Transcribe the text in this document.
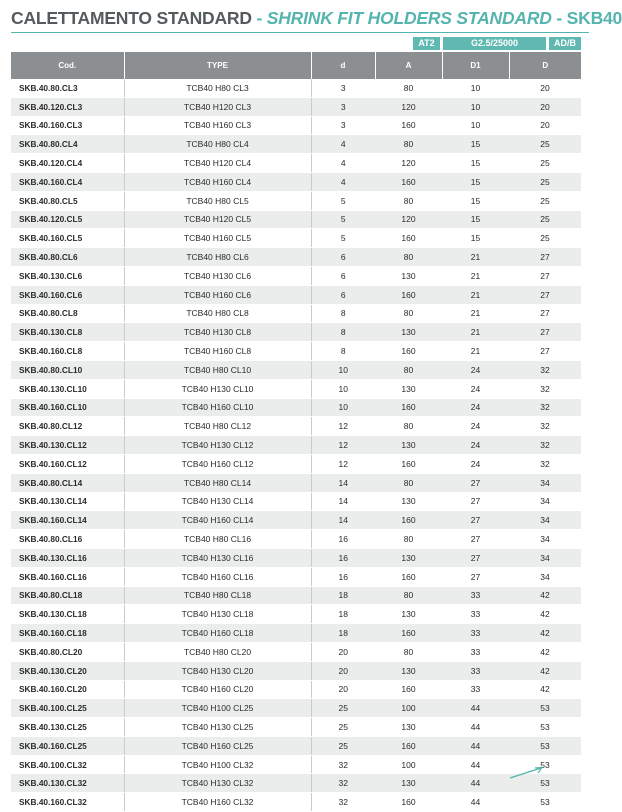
CALETTAMENTO STANDARD - SHRINK FIT HOLDERS STANDARD - SKB40
AT2	G2.5/25000	AD/B
Cod.	TYPE	d	A	D1	D
SKB.40.80.CL3	TCB40 H80 CL3	3	80	10	20
SKB.40.120.CL3	TCB40 H120 CL3	3	120	10	20
SKB.40.160.CL3	TCB40 H160 CL3	3	160	10	20
SKB.40.80.CL4	TCB40 H80 CL4	4	80	15	25
SKB.40.120.CL4	TCB40 H120 CL4	4	120	15	25
SKB.40.160.CL4	TCB40 H160 CL4	4	160	15	25
SKB.40.80.CL5	TCB40 H80 CL5	5	80	15	25
SKB.40.120.CL5	TCB40 H120 CL5	5	120	15	25
SKB.40.160.CL5	TCB40 H160 CL5	5	160	15	25
SKB.40.80.CL6	TCB40 H80 CL6	6	80	21	27
SKB.40.130.CL6	TCB40 H130 CL6	6	130	21	27
SKB.40.160.CL6	TCB40 H160 CL6	6	160	21	27
SKB.40.80.CL8	TCB40 H80 CL8	8	80	21	27
SKB.40.130.CL8	TCB40 H130 CL8	8	130	21	27
SKB.40.160.CL8	TCB40 H160 CL8	8	160	21	27
SKB.40.80.CL10	TCB40 H80 CL10	10	80	24	32
SKB.40.130.CL10	TCB40 H130 CL10	10	130	24	32
SKB.40.160.CL10	TCB40 H160 CL10	10	160	24	32
SKB.40.80.CL12	TCB40 H80 CL12	12	80	24	32
SKB.40.130.CL12	TCB40 H130 CL12	12	130	24	32
SKB.40.160.CL12	TCB40 H160 CL12	12	160	24	32
SKB.40.80.CL14	TCB40 H80 CL14	14	80	27	34
SKB.40.130.CL14	TCB40 H130 CL14	14	130	27	34
SKB.40.160.CL14	TCB40 H160 CL14	14	160	27	34
SKB.40.80.CL16	TCB40 H80 CL16	16	80	27	34
SKB.40.130.CL16	TCB40 H130 CL16	16	130	27	34
SKB.40.160.CL16	TCB40 H160 CL16	16	160	27	34
SKB.40.80.CL18	TCB40 H80 CL18	18	80	33	42
SKB.40.130.CL18	TCB40 H130 CL18	18	130	33	42
SKB.40.160.CL18	TCB40 H160 CL18	18	160	33	42
SKB.40.80.CL20	TCB40 H80 CL20	20	80	33	42
SKB.40.130.CL20	TCB40 H130 CL20	20	130	33	42
SKB.40.160.CL20	TCB40 H160 CL20	20	160	33	42
SKB.40.100.CL25	TCB40 H100 CL25	25	100	44	53
SKB.40.130.CL25	TCB40 H130 CL25	25	130	44	53
SKB.40.160.CL25	TCB40 H160 CL25	25	160	44	53
SKB.40.100.CL32	TCB40 H100 CL32	32	100	44	53
SKB.40.130.CL32	TCB40 H130 CL32	32	130	44	53
SKB.40.160.CL32	TCB40 H160 CL32	32	160	44	53
